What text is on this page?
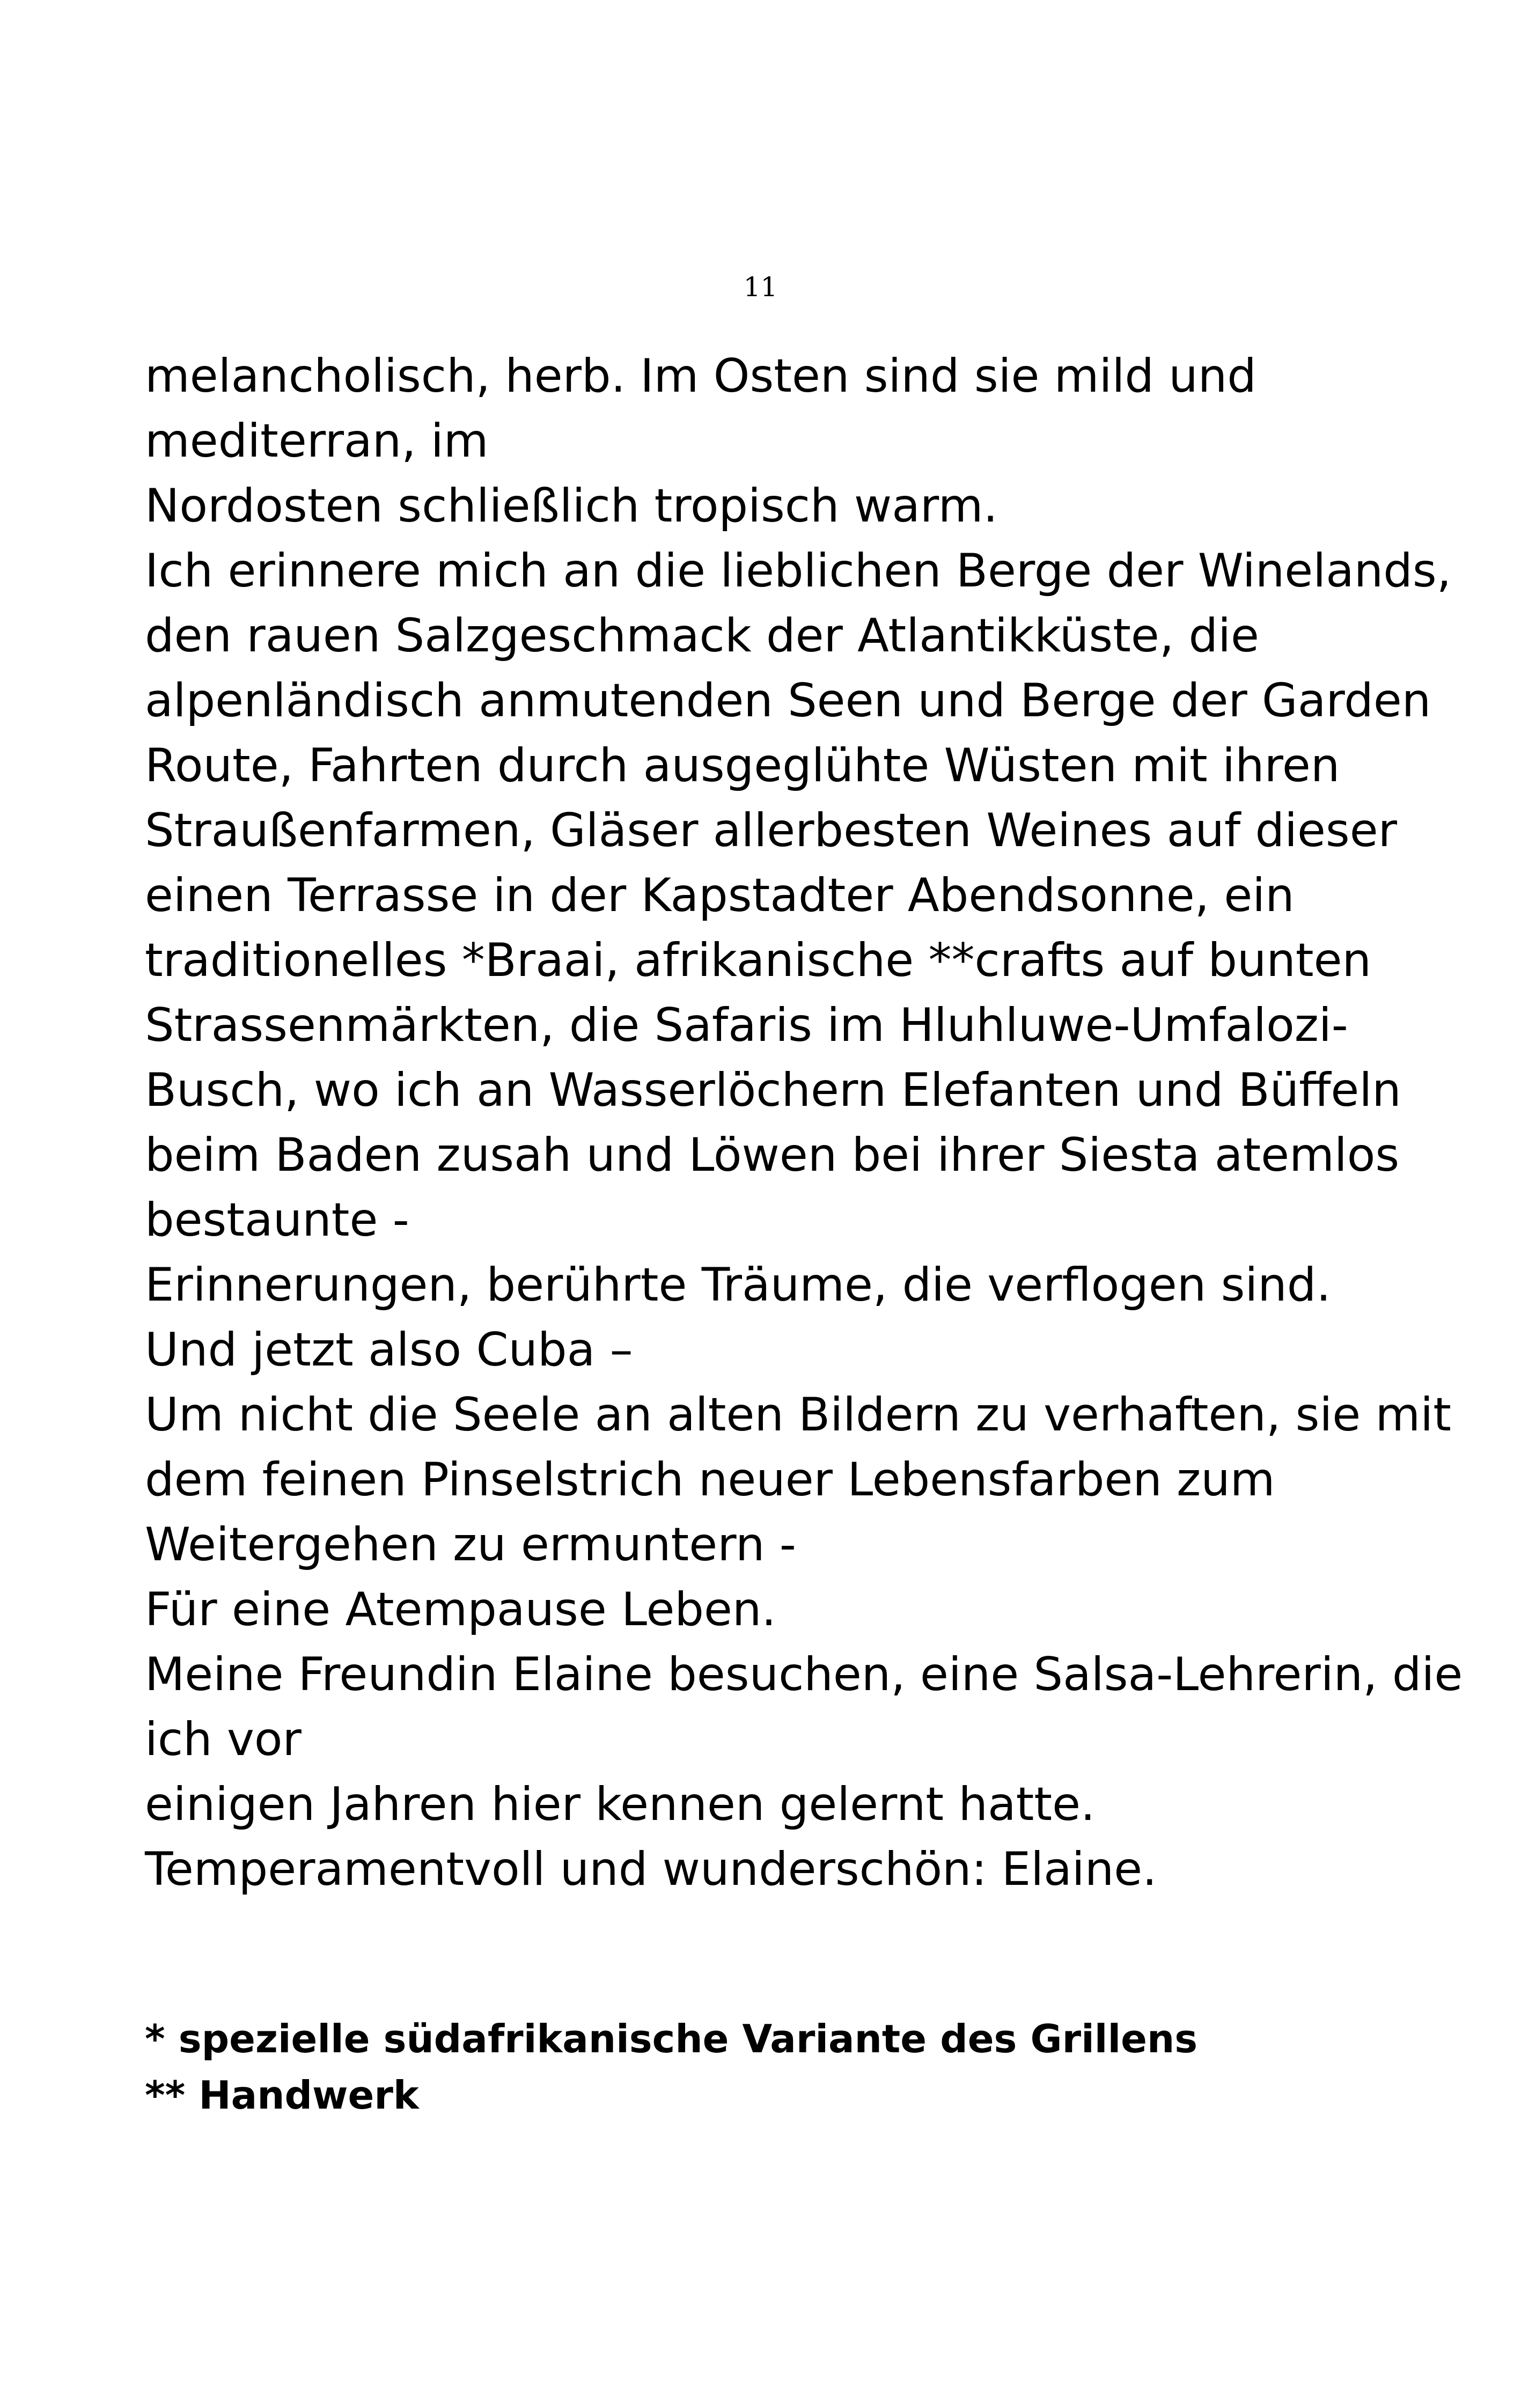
11
melancholisch, herb. Im Osten sind sie mild und
mediterran, im
Nordosten schließlich tropisch warm.
Ich erinnere mich an die lieblichen Berge der Winelands,
den rauen Salzgeschmack der Atlantikküste, die
alpenländisch anmutenden Seen und Berge der Garden
Route, Fahrten durch ausgeglühte Wüsten mit ihren
Straußenfarmen, Gläser allerbesten Weines auf dieser
einen Terrasse in der Kapstadter Abendsonne, ein
traditionelles *Braai, afrikanische **crafts auf bunten
Strassenmärkten, die Safaris im Hluhluwe-Umfalozi-
Busch, wo ich an Wasserlöchern Elefanten und Büffeln
beim Baden zusah und Löwen bei ihrer Siesta atemlos
bestaunte -
Erinnerungen, berührte Träume, die verflogen sind.
Und jetzt also Cuba –
Um nicht die Seele an alten Bildern zu verhaften, sie mit
dem feinen Pinselstrich neuer Lebensfarben zum
Weitergehen zu ermuntern -
Für eine Atempause Leben.
Meine Freundin Elaine besuchen, eine Salsa-Lehrerin, die
ich vor
einigen Jahren hier kennen gelernt hatte.
Temperamentvoll und wunderschön: Elaine.
* spezielle südafrikanische Variante des Grillens
** Handwerk
